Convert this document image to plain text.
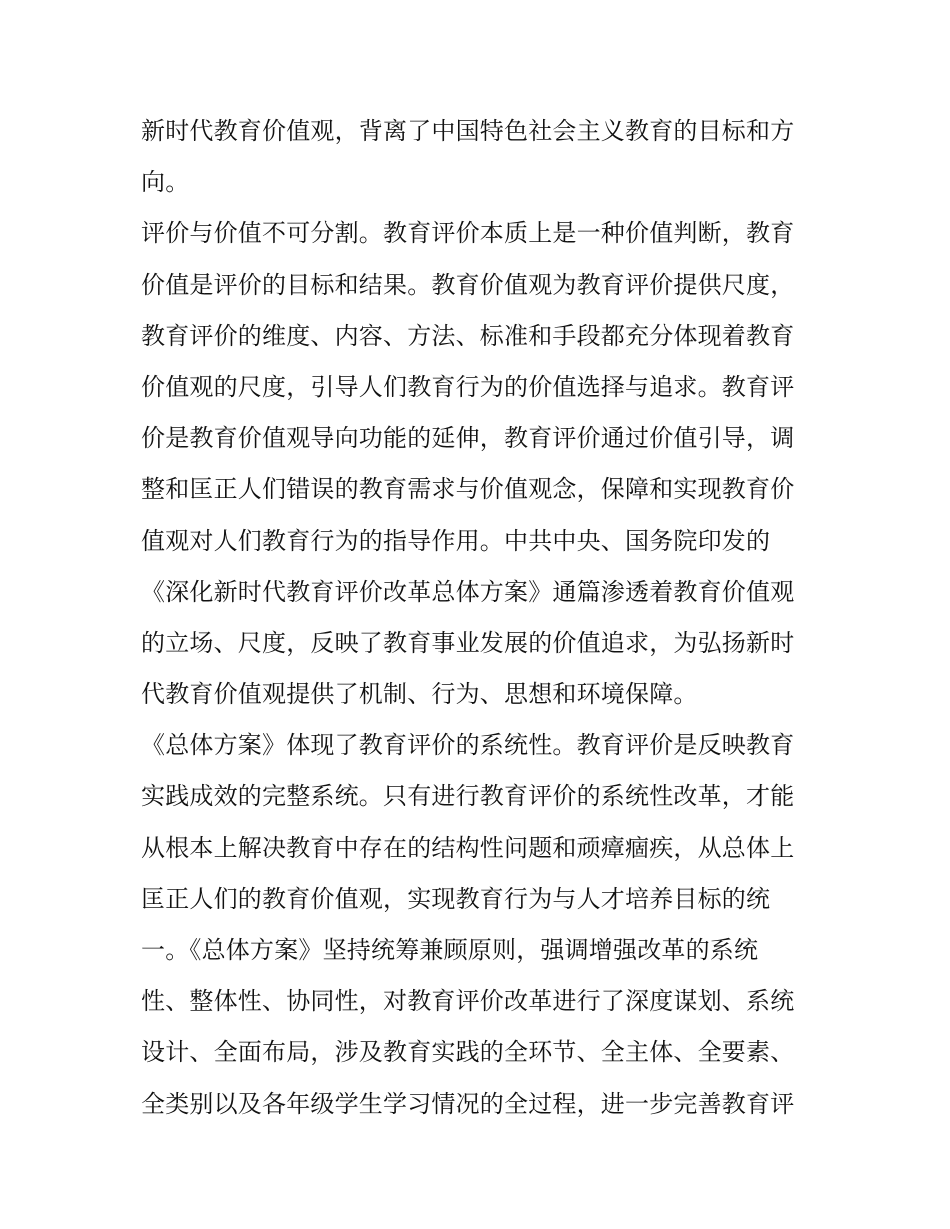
新时代教育价值观，背离了中国特色社会主义教育的目标和方
向。
评价与价值不可分割。教育评价本质上是一种价值判断，教育
价值是评价的目标和结果。教育价值观为教育评价提供尺度，
教育评价的维度、内容、方法、标准和手段都充分体现着教育
价值观的尺度，引导人们教育行为的价值选择与追求。教育评
价是教育价值观导向功能的延伸，教育评价通过价值引导，调
整和匡正人们错误的教育需求与价值观念，保障和实现教育价
值观对人们教育行为的指导作用。中共中央、国务院印发的
《深化新时代教育评价改革总体方案》通篇渗透着教育价值观
的立场、尺度，反映了教育事业发展的价值追求，为弘扬新时
代教育价值观提供了机制、行为、思想和环境保障。
《总体方案》体现了教育评价的系统性。教育评价是反映教育
实践成效的完整系统。只有进行教育评价的系统性改革，才能
从根本上解决教育中存在的结构性问题和顽瘴痼疾，从总体上
匡正人们的教育价值观，实现教育行为与人才培养目标的统
一。《总体方案》坚持统筹兼顾原则，强调增强改革的系统
性、整体性、协同性，对教育评价改革进行了深度谋划、系统
设计、全面布局，涉及教育实践的全环节、全主体、全要素、
全类别以及各年级学生学习情况的全过程，进一步完善教育评
